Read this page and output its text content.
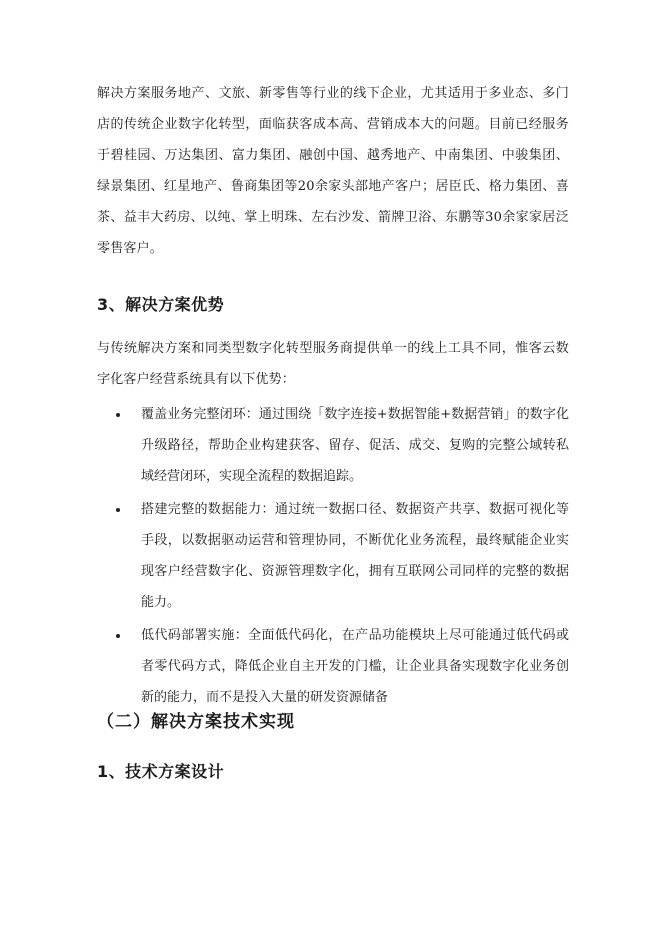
解决方案服务地产、文旅、新零售等行业的线下企业，尤其适用于多业态、多门店的传统企业数字化转型，面临获客成本高、营销成本大的问题。目前已经服务于碧桂园、万达集团、富力集团、融创中国、越秀地产、中南集团、中骏集团、绿景集团、红星地产、鲁商集团等20余家头部地产客户；居臣氏、格力集团、喜茶、益丰大药房、以纯、掌上明珠、左右沙发、箭牌卫浴、东鹏等30余家家居泛零售客户。

3、解决方案优势

与传统解决方案和同类型数字化转型服务商提供单一的线上工具不同，惟客云数字化客户经营系统具有以下优势：

覆盖业务完整闭环：通过围绕「数字连接+数据智能+数据营销」的数字化升级路径，帮助企业构建获客、留存、促活、成交、复购的完整公域转私域经营闭环，实现全流程的数据追踪。
搭建完整的数据能力：通过统一数据口径、数据资产共享、数据可视化等手段，以数据驱动运营和管理协同，不断优化业务流程，最终赋能企业实现客户经营数字化、资源管理数字化，拥有互联网公司同样的完整的数据能力。
低代码部署实施：全面低代码化，在产品功能模块上尽可能通过低代码或者零代码方式，降低企业自主开发的门槛，让企业具备实现数字化业务创新的能力，而不是投入大量的研发资源储备
（二）解决方案技术实现
1、技术方案设计
